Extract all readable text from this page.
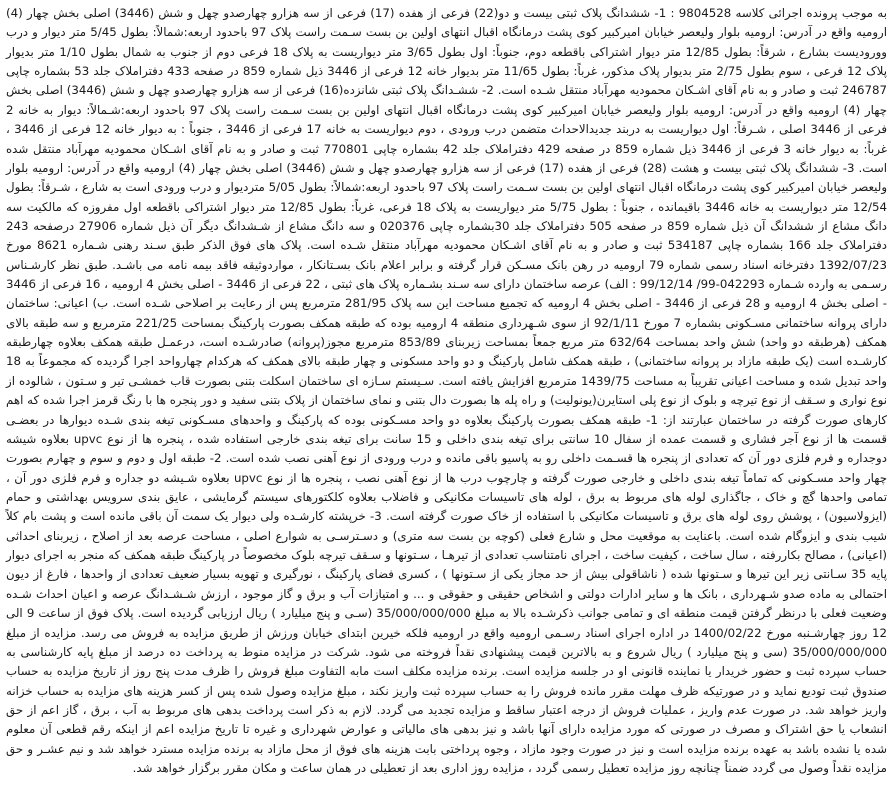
به موجب پرونده اجرائی کلاسه 9804528 : 1- ششدانگ پلاک ثبتی بیست و دو(22) فرعی از هفده (17) فرعی از سه هزارو چهارصدو چهل و شش (3446) اصلی بخش چهار (4) ارومیه واقع در آدرس: ارومیه بلوار ولیعصر خیابان امیرکبیر کوی پشت درمانگاه اقبال انتهای اولین بن بست سـمت راست پلاک 97 باحدود اربعه:شمالاً: بطول 5/45 متر دیوار و درب وورودیست بشارع ، شرقاً: بطول 12/85 متر دیوار اشتراکی باقطعه دوم، جنوباً: اول بطول 3/65 متر دیواریست به پلاک 18 فرعی دوم از جنوب به شمال بطول 1/10 متر بدیوار پلاک 12 فرعی ، سوم بطول 2/75 متر بدیوار پلاک مذکور، غرباً: بطول 11/65 متر بدیوار خانه 12 فرعی از 3446 ذیل شماره 859 در صفحه 433 دفتراملاک جلد 53 بشماره چاپی 246787 ثبت و صادر و به نام آقای اشـکان محمودیه مهرآباد منتقل شـده است. 2- ششـدانگ پلاک ثبتی شانزده(16) فرعی از سه هزارو چهارصدو چهل و شش (3446) اصلی بخش چهار (4) ارومیه واقع در آدرس: ارومیه بلوار ولیعصر خیابان امیرکبیر کوی پشت درمانگاه اقبال انتهای اولین بن بست سـمت راست پلاک 97 باحدود اربعه:شـمالاً: دیوار به خانه 2 فرعی از 3446 اصلی ، شـرقاً: اول دیواریست به دربند جدیدالاحداث متضمن درب ورودی ، دوم دیواریست به خانه 17 فرعی از 3446 ، جنوباً : به دیوار خانه 12 فرعی از 3446 ، غرباً: به دیوار خانه 3 فرعی از 3446 ذیل شماره 859 در صفحه 429 دفتراملاک جلد 42 بشماره چاپی 770801 ثبت و صادر و به نام آقای اشـکان محمودیه مهرآباد منتقل شده است. 3- ششدانگ پلاک ثبتی بیست و هشت (28) فرعی از هفده (17) فرعی از سه هزارو چهارصدو چهل و شش (3446) اصلی بخش چهار (4) ارومیه واقع در آدرس: ارومیه بلوار ولیعصر خیابان امیرکبیر کوی پشت درمانگاه اقبال انتهای اولین بن بست سـمت راست پلاک 97 باحدود اربعه:شمالاً: بطول 5/05 متردیوار و درب ورودی است به شارع ، شـرقاً: بطول 12/54 متر دیواریست به خانه 3446 باقیمانده ، جنوباً : بطول 5/75 متر دیواریست به پلاک 18 فرعی، غرباً: بطول 12/85 متر دیوار اشتراکی باقطعه اول مفروزه که مالکیت سه دانگ مشاع از ششدانگ آن ذیل شماره 859 در صفحه 505 دفتراملاک جلد 30بشماره چاپی 020376 و سه دانگ مشاع از شـشدانگ دیگر آن ذیل شماره 27906 درصفحه 243 دفتراملاک جلد 166 بشماره چاپی 534187 ثبت و صادر و به نام آقای اشـکان محمودیه مهرآباد منتقل شـده است. پلاک های فوق الذکر طبق سـند رهنی شـماره 8621 مورخ 1392/07/23 دفترخانه اسناد رسمی شماره 79 ارومیه در رهن بانک مسـکن قرار گرفته و برابر اعلام بانک بسـتانکار ، مواردوثیقه فاقد بیمه نامه می باشـد. طبق نظر کارشـناس رسـمی به وارده شـماره 042293-99/ 99/12/14 : الف) عرصه ساختمان دارای سه سـند بشـماره پلاک های ثبتی ، 22 فرعی از 3446 - اصلی بخش 4 ارومیه ، 16 فرعی از 3446 - اصلی بخش 4 ارومیه و 28 فرعی از 3446 - اصلی بخش 4 ارومیه که تجمیع مساحت این سه پلاک 281/95 مترمربع پس از رعایت بر اصلاحی شـده است. ب) اعیانی: ساختمان دارای پروانه ساختمانی مسـکونی بشماره 7 مورخ 92/1/11 از سوی شـهرداری منطقه 4 ارومیه بوده که طبقه همکف بصورت پارکینگ بمساحت 221/25 مترمربع و سه طبقه بالای همکف (هرطبقه دو واحد) شش واحد بمساحت 632/64 متر مربع جمعاً بمساحت زیربنای 853/89 مترمربع مجوز(پروانه) صادرشـده است، درعمـل طبقه همکف بعلاوه چهارطبقه کارشـده است (یک طبقه مازاد بر پروانه ساختمانی) ، طبقه همکف شامل پارکینگ و دو واحد مسکونی و چهار طبقه بالای همکف که هرکدام چهارواحد اجرا گردیده که مجموعاً به 18 واحد تبدیل شده و مساحت اعیانی تقریباً به مساحت 1439/75 مترمربع افزایش یافته است. سـیستم سـازه ای ساختمان اسکلت بتنی بصورت قاب خمشـی تیر و سـتون ، شالوده از نوع نواری و سـقف از نوع تیرچه و بلوک از نوع پلی استایرن(یونولیت) و راه پله ها بصورت دال بتنی و نمای ساختمان از پلاک بتنی سفید و دور پنجره ها با رنگ قرمز اجرا شده که اهم کارهای صورت گرفته در ساختمان عبارتند از: 1- طبقه همکف بصورت پارکینگ بعلاوه دو واحد مسـکونی بوده که پارکینگ و واحدهای مسـکونی تیغه بندی شـده دیوارها در بعضـی قسمت ها از نوع آجر فشاری و قسمت عمده از سفال 10 سانتی برای تیغه بندی داخلی و 15 سانت برای تیغه بندی خارجی استفاده شده ، پنجره ها از نوع upvc بعلاوه شیشه دوجداره و فرم فلزی دور آن که تعدادی از پنجره ها قسـمت داخلی رو به پاسیو باقی مانده و درب ورودی از نوع آهنی نصب شده است. 2- طبقه اول و دوم و سوم و چهارم بصورت چهار واحد مسـکونی که تماماً تیغه بندی داخلی و خارجی صورت گرفته و چارچوب درب ها از نوع آهنی نصب ، پنجره ها از نوع upvc بعلاوه شـیشه دو جداره و فرم فلزی دور آن ، تمامی واحدها گچ و خاک ، جاگذاری لوله های مربوط به برق ، لوله های تاسیسات مکانیکی و فاضلاب بعلاوه کلکتورهای سیستم گرمایشی ، عایق بندی سرویس بهداشتی و حمام (ایزولاسیون) ، پوشش روی لوله های برق و تاسیسات مکانیکی با استفاده از خاک صورت گرفته است. 3- خرپشته کارشـده ولی دیوار یک سمت آن باقی مانده است و پشت بام کلاً شیب بندی و ایزوگام شده است. باعنایت به موقعیت محل و شارع فعلی (کوچه بن بست سه متری) و دسـترسـی به شوارع اصلی ، مساحت عرصه بعد از اصلاح ، زیربنای احداثی (اعیانی) ، مصالح بکاررفته ، سال ساخت ، کیفیت ساخت ، اجرای نامتناسب تعدادی از تیرهـا ، سـتونها و سـقف تیرچه بلوک مخصوصاً در پارکینگ طبقه همکف که منجر به اجرای دیوار پایه 35 سـانتی زیر این تیرها و سـتونها شده ( ناشاقولی بیش از حد مجاز یکی از سـتونها ) ، کسری فضای پارکینگ ، نورگیری و تهویه بسیار ضعیف تعدادی از واحدها ، فارغ از دیون احتمالی به ماده صدو شـهرداری ، بانک ها و سایر ادارات دولتی و اشخاص حقیقی و حقوقی و ... و امتیازات آب و برق و گاز موجود ، ارزش شـشـدانگ عرصه و اعیان احداث شـده وضعیت فعلی با درنظر گرفتن قیمت منطقه ای و تمامی جوانب ذکرشـده بالا به مبلغ 35/000/000/000 (سـی و پنج میلیارد ) ریال ارزیابی گردیده است. پلاک فوق از ساعت 9 الی 12 روز چهارشـنبه مورخ 1400/02/22 در اداره اجرای اسناد رسـمی ارومیه واقع در ارومیه فلکه خیرین ابتدای خیابان ورزش از طریق مزایده به فروش می رسد. مزایده از مبلغ 35/000/000/000 (سی و پنج میلیارد ) ریال شروع و به بالاترین قیمت پیشنهادی نقداً فروخته می شود. شرکت در مزایده منوط به پرداخت ده درصد از مبلغ پایه کارشناسی به حساب سپرده ثبت و حضور خریدار یا نماینده قانونی او در جلسه مزایده است. برنده مزایده مکلف است مابه التفاوت مبلغ فروش را ظرف مدت پنج روز از تاریخ مزایده به حساب صندوق ثبت تودیع نماید و در صورتیکه ظرف مهلت مقرر مانده فروش را به حساب سپرده ثبت واریز نکند ، مبلغ مزایده وصول شده پس از کسر هزینه های مزایده به حساب خزانه واریز خواهد شد. در صورت عدم واریز ، عملیات فروش از درجه اعتبار ساقط و مزایده تجدید می گردد. لازم به ذکر است پرداخت بدهی های مربوط به آب ، برق ، گاز اعم از حق انشعاب یا حق اشتراک و مصرف در صورتی که مورد مزایده دارای آنها باشد و نیز بدهی های مالیاتی و عوارض شهرداری و غیره تا تاریخ مزایده اعم از اینکه رقم قطعی آن معلوم شده یا نشده باشد به عهده برنده مزایده است و نیز در صورت وجود مازاد ، وجوه پرداختی بابت هزینه های فوق از محل مازاد به برنده مزایده مسترد خواهد شد و نیم عشـر و حق مزایده نقداً وصول می گردد ضمناً چنانچه روز مزایده تعطیل رسمی گردد ، مزایده روز اداری بعد از تعطیلی در همان ساعت و مکان مقرر برگزار خواهد شد.
